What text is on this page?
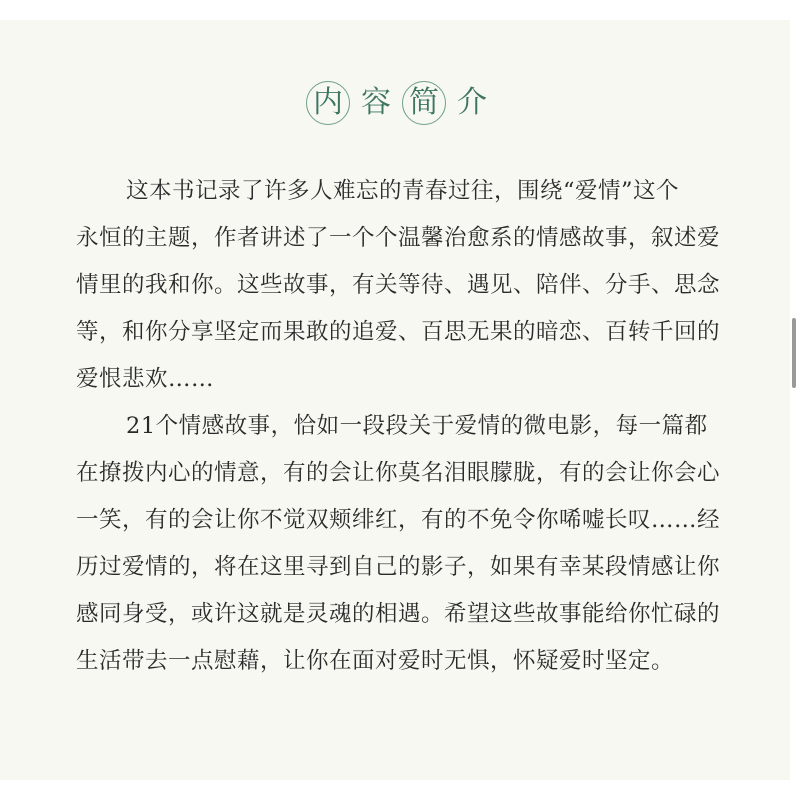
内 容 简 介
这本书记录了许多人难忘的青春过往，围绕“爱情”这个
永恒的主题，作者讲述了一个个温馨治愈系的情感故事，叙述爱
情里的我和你。这些故事，有关等待、遇见、陪伴、分手、思念
等，和你分享坚定而果敢的追爱、百思无果的暗恋、百转千回的
爱恨悲欢……
21个情感故事，恰如一段段关于爱情的微电影，每一篇都
在撩拨内心的情意，有的会让你莫名泪眼朦胧，有的会让你会心
一笑，有的会让你不觉双颊绯红，有的不免令你唏嘘长叹……经
历过爱情的，将在这里寻到自己的影子，如果有幸某段情感让你
感同身受，或许这就是灵魂的相遇。希望这些故事能给你忙碌的
生活带去一点慰藉，让你在面对爱时无惧，怀疑爱时坚定。
